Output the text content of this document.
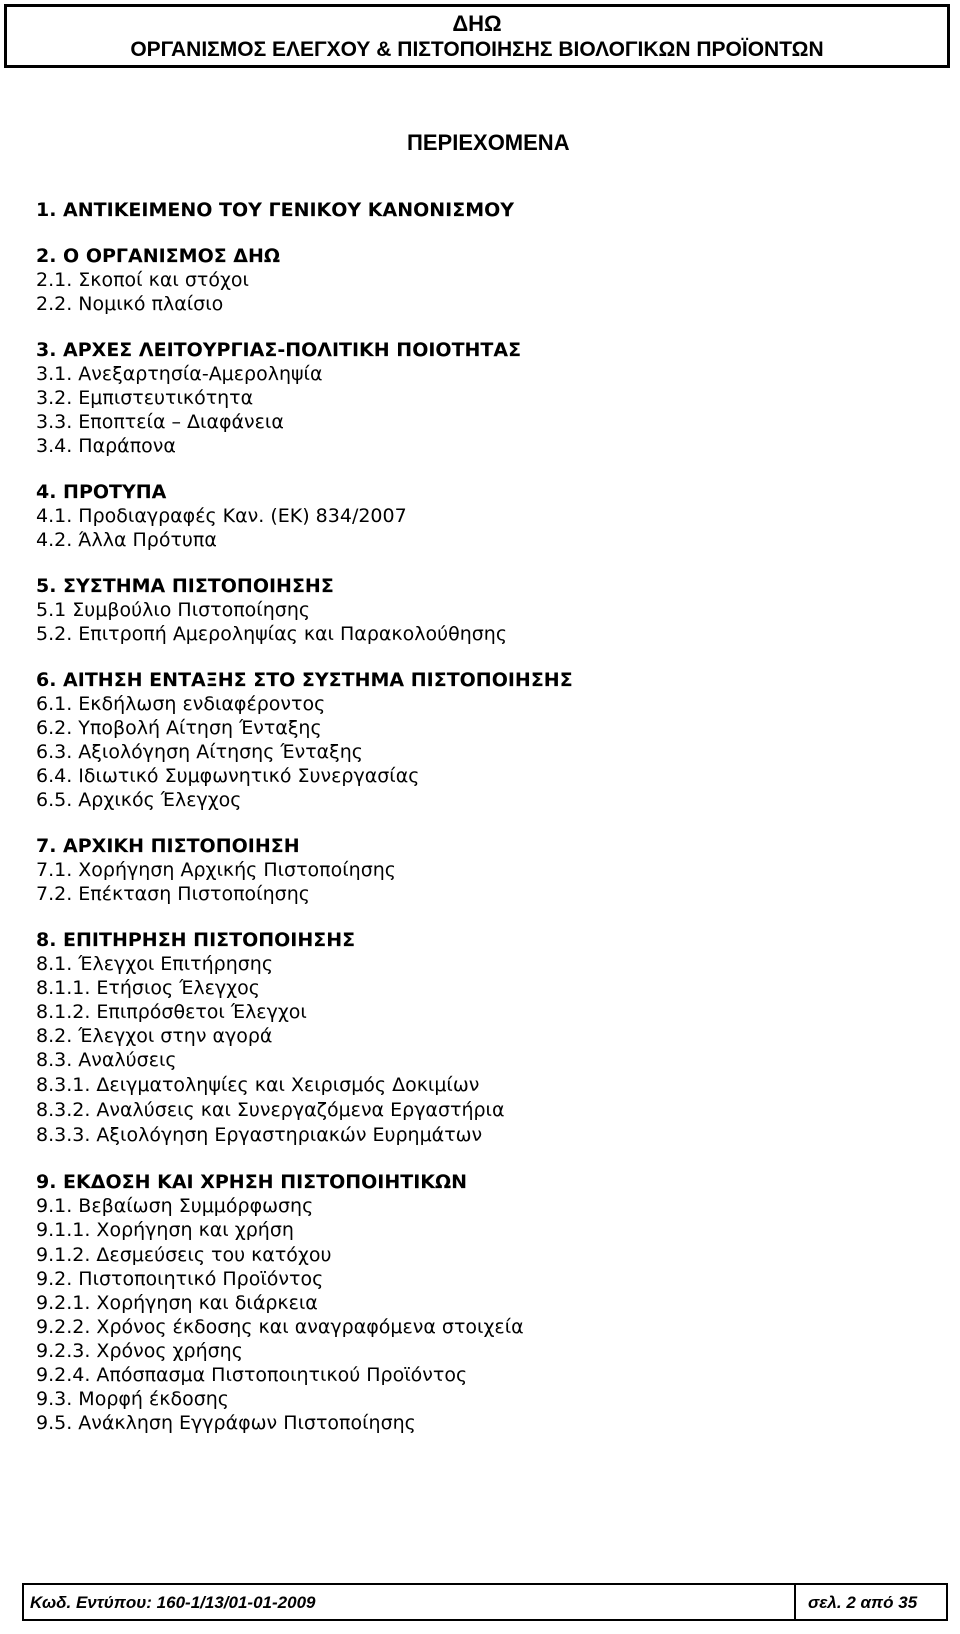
ΔΗΩ
ΟΡΓΑΝΙΣΜΟΣ ΕΛΕΓΧΟΥ & ΠΙΣΤΟΠΟΙΗΣΗΣ ΒΙΟΛΟΓΙΚΩΝ ΠΡΟΪΟΝΤΩΝ
ΠΕΡΙΕΧΟΜΕΝΑ
1. ΑΝΤΙΚΕΙΜΕΝΟ ΤΟΥ ΓΕΝΙΚΟΥ ΚΑΝΟΝΙΣΜΟΥ
2. Ο ΟΡΓΑΝΙΣΜΟΣ ΔΗΩ
2.1. Σκοποί και στόχοι
2.2. Νομικό πλαίσιο
3. ΑΡΧΕΣ ΛΕΙΤΟΥΡΓΙΑΣ-ΠΟΛΙΤΙΚΗ ΠΟΙΟΤΗΤΑΣ
3.1. Ανεξαρτησία-Αμεροληψία
3.2. Εμπιστευτικότητα
3.3. Εποπτεία – Διαφάνεια
3.4. Παράπονα
4. ΠΡΟΤΥΠΑ
4.1. Προδιαγραφές Καν. (ΕΚ) 834/2007
4.2. Άλλα Πρότυπα
5. ΣΥΣΤΗΜΑ ΠΙΣΤΟΠΟΙΗΣΗΣ
5.1 Συμβούλιο Πιστοποίησης
5.2. Επιτροπή Αμεροληψίας και Παρακολούθησης
6. ΑΙΤΗΣΗ ΕΝΤΑΞΗΣ ΣΤΟ ΣΥΣΤΗΜΑ ΠΙΣΤΟΠΟΙΗΣΗΣ
6.1. Εκδήλωση ενδιαφέροντος
6.2. Υποβολή Αίτηση Ένταξης
6.3. Αξιολόγηση Αίτησης Ένταξης
6.4. Ιδιωτικό Συμφωνητικό Συνεργασίας
6.5. Αρχικός Έλεγχος
7. ΑΡΧΙΚΗ ΠΙΣΤΟΠΟΙΗΣΗ
7.1. Χορήγηση Αρχικής Πιστοποίησης
7.2. Επέκταση Πιστοποίησης
8. ΕΠΙΤΗΡΗΣΗ ΠΙΣΤΟΠΟΙΗΣΗΣ
8.1. Έλεγχοι Επιτήρησης
8.1.1. Ετήσιος Έλεγχος
8.1.2. Επιπρόσθετοι Έλεγχοι
8.2. Έλεγχοι στην αγορά
8.3. Αναλύσεις
8.3.1. Δειγματοληψίες και Χειρισμός Δοκιμίων
8.3.2. Αναλύσεις και Συνεργαζόμενα Εργαστήρια
8.3.3. Αξιολόγηση Εργαστηριακών Ευρημάτων
9. ΕΚΔΟΣΗ ΚΑΙ ΧΡΗΣΗ ΠΙΣΤΟΠΟΙΗΤΙΚΩΝ
9.1. Βεβαίωση Συμμόρφωσης
9.1.1. Χορήγηση και χρήση
9.1.2. Δεσμεύσεις του κατόχου
9.2. Πιστοποιητικό Προϊόντος
9.2.1. Χορήγηση και διάρκεια
9.2.2. Χρόνος έκδοσης και αναγραφόμενα στοιχεία
9.2.3. Χρόνος χρήσης
9.2.4. Απόσπασμα Πιστοποιητικού Προϊόντος
9.3. Μορφή έκδοσης
9.5. Ανάκληση Εγγράφων Πιστοποίησης
Κωδ. Εντύπου: 160-1/13/01-01-2009	σελ. 2 από 35
